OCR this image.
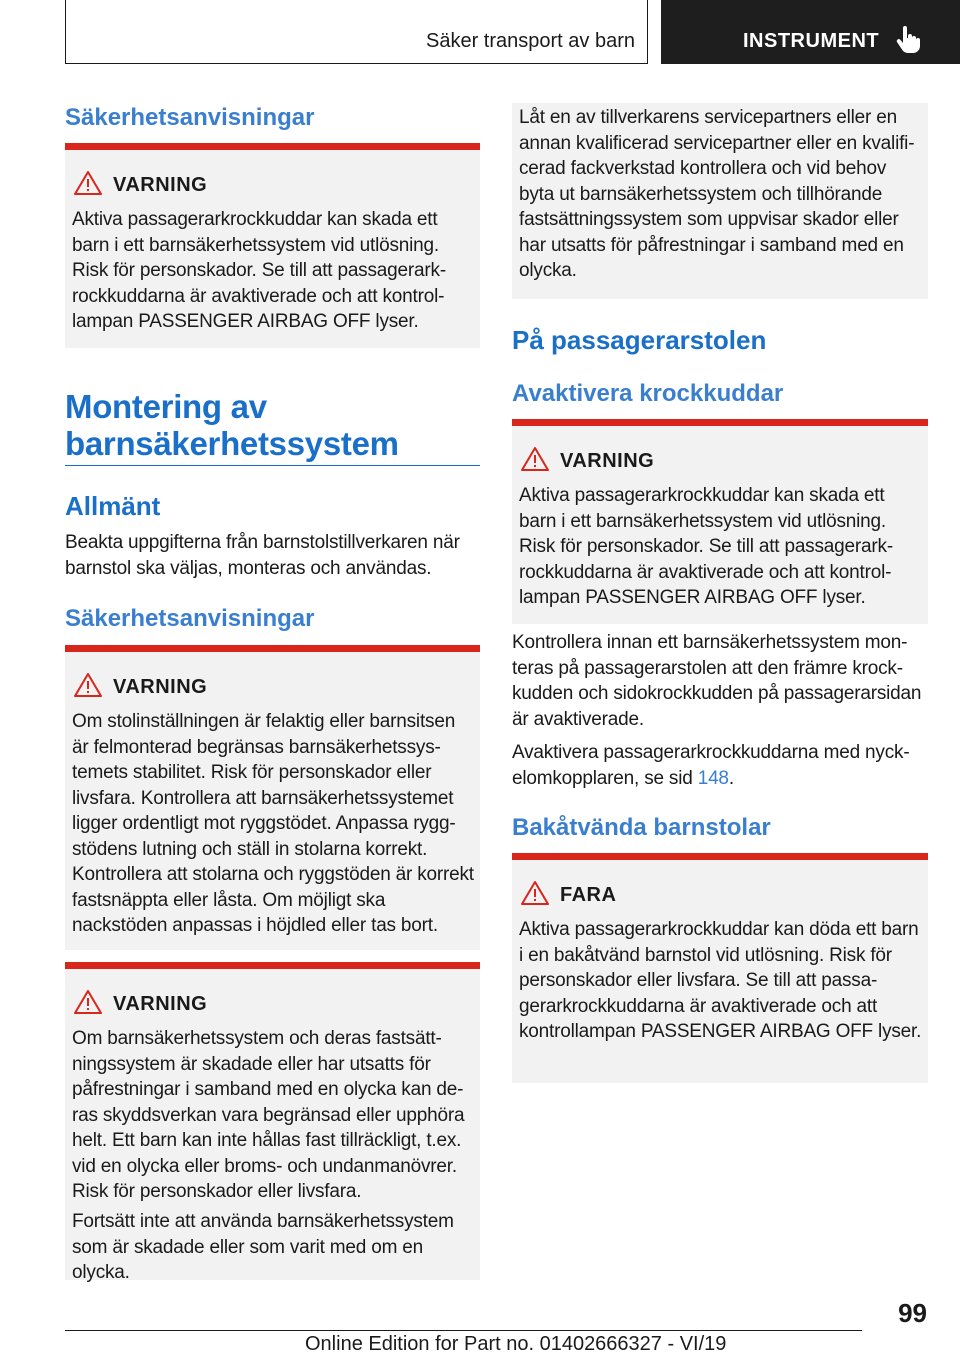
Säker transport av barn	INSTRUMENT
Säkerhetsanvisningar
VARNING

Aktiva passagerarkrockkuddar kan skada ett barn i ett barnsäkerhetssystem vid utlösning. Risk för personskador. Se till att passagerarkrockkuddarna är avaktiverade och att kontrollampan PASSENGER AIRBAG OFF lyser.

Montering av
barnsäkerhetssystem
Allmänt

Beakta uppgifterna från barnstolstillverkaren när barnstol ska väljas, monteras och användas.

Säkerhetsanvisningar
VARNING

Om stolinställningen är felaktig eller barnsitsen är felmonterad begränsas barnsäkerhetssystemets stabilitet. Risk för personskador eller livsfara. Kontrollera att barnsäkerhetssystemet ligger ordentligt mot ryggstödet. Anpassa ryggstödens lutning och ställ in stolarna korrekt. Kontrollera att stolarna och ryggstöden är korrekt fastsnäppta eller låsta. Om möjligt ska nackstöden anpassas i höjdled eller tas bort.

VARNING

Om barnsäkerhetssystem och deras fastsättningssystem är skadade eller har utsatts för påfrestningar i samband med en olycka kan deras skyddsverkan vara begränsad eller upphöra helt. Ett barn kan inte hållas fast tillräckligt, t.ex. vid en olycka eller broms- och undanmanövrer. Risk för personskador eller livsfara.

Fortsätt inte att använda barnsäkerhetssystem som är skadade eller som varit med om en olycka.

Låt en av tillverkarens servicepartners eller en annan kvalificerad servicepartner eller en kvalificerad fackverkstad kontrollera och vid behov byta ut barnsäkerhetssystem och tillhörande fastsättningssystem som uppvisar skador eller har utsatts för påfrestningar i samband med en olycka.

På passagerarstolen
Avaktivera krockkuddar
VARNING

Aktiva passagerarkrockkuddar kan skada ett barn i ett barnsäkerhetssystem vid utlösning. Risk för personskador. Se till att passagerarkrockkuddarna är avaktiverade och att kontrollampan PASSENGER AIRBAG OFF lyser.

Kontrollera innan ett barnsäkerhetssystem monteras på passagerarstolen att den främre krockkudden och sidokrockkudden på passagerarsidan är avaktiverade.

Avaktivera passagerarkrockkuddarna med nyckelomkopplaren, se sid 148.

Bakåtvända barnstolar
FARA

Aktiva passagerarkrockkuddar kan döda ett barn i en bakåtvänd barnstol vid utlösning. Risk för personskador eller livsfara. Se till att passagerarkrockkuddarna är avaktiverade och att kontrollampan PASSENGER AIRBAG OFF lyser.

99
Online Edition for Part no. 01402666327 - VI/19
